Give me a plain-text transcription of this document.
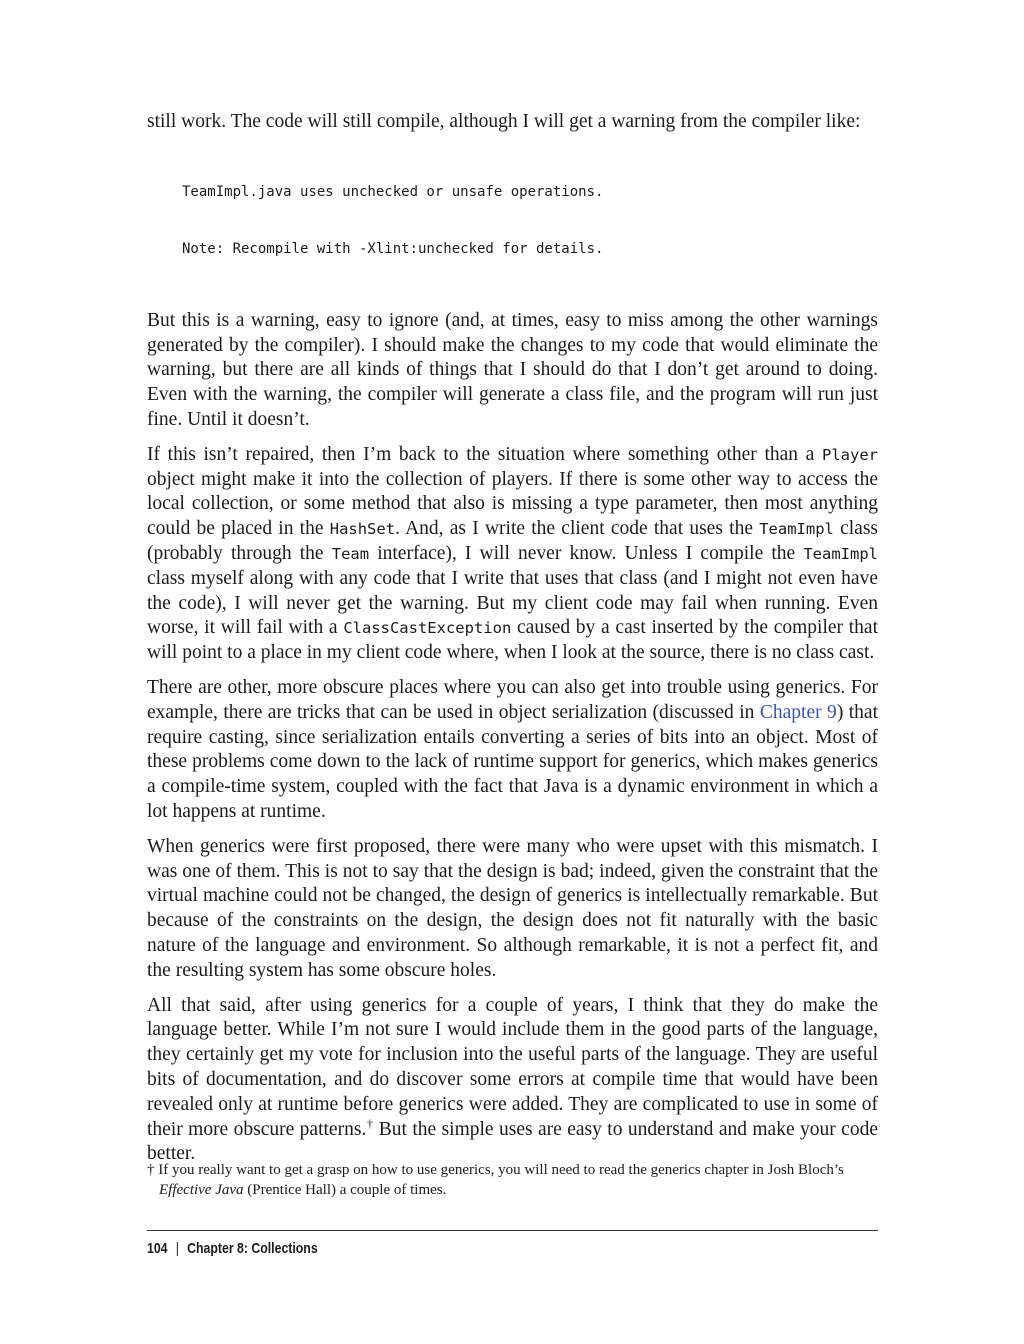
still work. The code will still compile, although I will get a warning from the compiler like:

TeamImpl.java uses unchecked or unsafe operations.

Note: Recompile with -Xlint:unchecked for details.

But this is a warning, easy to ignore (and, at times, easy to miss among the other warnings generated by the compiler). I should make the changes to my code that would eliminate the warning, but there are all kinds of things that I should do that I don’t get around to doing. Even with the warning, the compiler will generate a class file, and the program will run just fine. Until it doesn’t.

If this isn’t repaired, then I’m back to the situation where something other than a Player object might make it into the collection of players. If there is some other way to access the local collection, or some method that also is missing a type parameter, then most anything could be placed in the HashSet. And, as I write the client code that uses the TeamImpl class (probably through the Team interface), I will never know. Unless I compile the TeamImpl class myself along with any code that I write that uses that class (and I might not even have the code), I will never get the warning. But my client code may fail when running. Even worse, it will fail with a ClassCastException caused by a cast inserted by the compiler that will point to a place in my client code where, when I look at the source, there is no class cast.

There are other, more obscure places where you can also get into trouble using generics. For example, there are tricks that can be used in object serialization (discussed in Chapter 9) that require casting, since serialization entails converting a series of bits into an object. Most of these problems come down to the lack of runtime support for generics, which makes generics a compile-time system, coupled with the fact that Java is a dynamic environment in which a lot happens at runtime.

When generics were first proposed, there were many who were upset with this mismatch. I was one of them. This is not to say that the design is bad; indeed, given the constraint that the virtual machine could not be changed, the design of generics is intellectually remarkable. But because of the constraints on the design, the design does not fit naturally with the basic nature of the language and environment. So although remarkable, it is not a perfect fit, and the resulting system has some obscure holes.

All that said, after using generics for a couple of years, I think that they do make the language better. While I’m not sure I would include them in the good parts of the language, they certainly get my vote for inclusion into the useful parts of the language. They are useful bits of documentation, and do discover some errors at compile time that would have been revealed only at runtime before generics were added. They are complicated to use in some of their more obscure patterns.† But the simple uses are easy to understand and make your code better.

† If you really want to get a grasp on how to use generics, you will need to read the generics chapter in Josh Bloch’s Effective Java (Prentice Hall) a couple of times.
104 | Chapter 8: Collections
